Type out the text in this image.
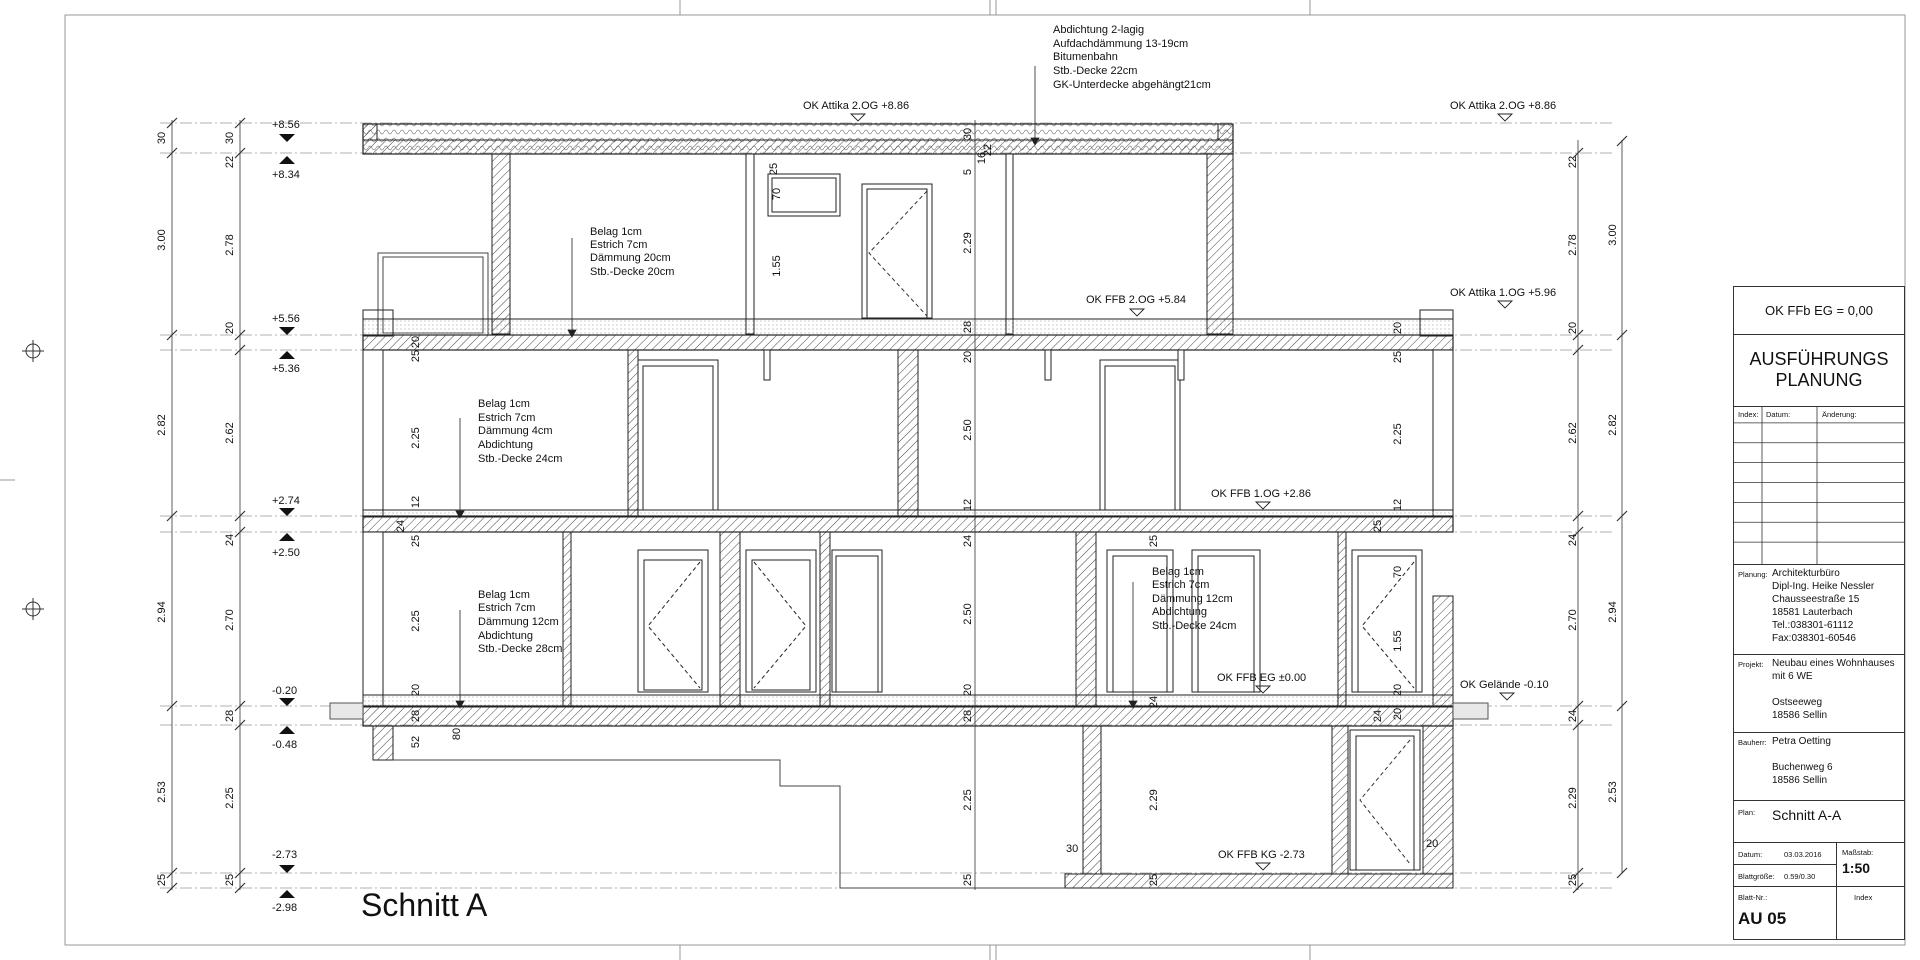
30
3.00
2.82
2.94
2.53
25
30
22
2.78
20
2.62
24
2.70
28
2.25
25
+8.56
+8.34
+5.56
+5.36
+2.74
+2.50
-0.20
-0.48
-2.73
-2.98
22
2.78
20
2.62
24
2.70
24
2.29
25
3.00
2.82
2.94
2.53
30
16
5
22
2.29
28
20
2.50
12
24
2.50
20
28
2.25
25
25
70
1.55
20
25
2.25
12
24
25
2.25
20
28
52
80
25
2.25
12
25
20
20
24
70
1.55
24
2.29
25
30	20
20
25
Abdichtung 2-lagig
Aufdachdämmung 13-19cm
Bitumenbahn
Stb.-Decke 22cm
GK-Unterdecke abgehängt21cm
Belag 1cm
Estrich 7cm
Dämmung 20cm
Stb.-Decke 20cm
Belag 1cm
Estrich 7cm
Dämmung 4cm
Abdichtung
Stb.-Decke 24cm
Belag 1cm
Estrich 7cm
Dämmung 12cm
Abdichtung
Stb.-Decke 28cm
Belag 1cm
Estrich 7cm
Dämmung 12cm
Abdichtung
Stb.-Decke 24cm
OK Attika 2.OG +8.86	OK Attika 2.OG +8.86
OK Attika 1.OG +5.96
OK FFB 2.OG +5.84
OK FFB 1.OG +2.86
OK FFB EG ±0.00
OK Gelände -0.10
OK FFB KG -2.73
Schnitt A
OK FFb EG = 0,00
AUSFÜHRUNGS
PLANUNG
Index: Datum:	Änderung:
Planung: Architekturbüro
Dipl-Ing. Heike Nessler
Chausseestraße 15
18581 Lauterbach
Tel.:038301-61112
Fax:038301-60546
Projekt: Neubau eines Wohnhauses
mit 6 WE
Ostseeweg
18586 Sellin
Bauherr: Petra Oetting
Buchenweg 6
18586 Sellin
Plan: Schnitt A-A
Datum:	03.03.2016
Blattgröße: 0.59/0.30
Maßstab:
1:50
Blatt-Nr.:
AU 05
Index
